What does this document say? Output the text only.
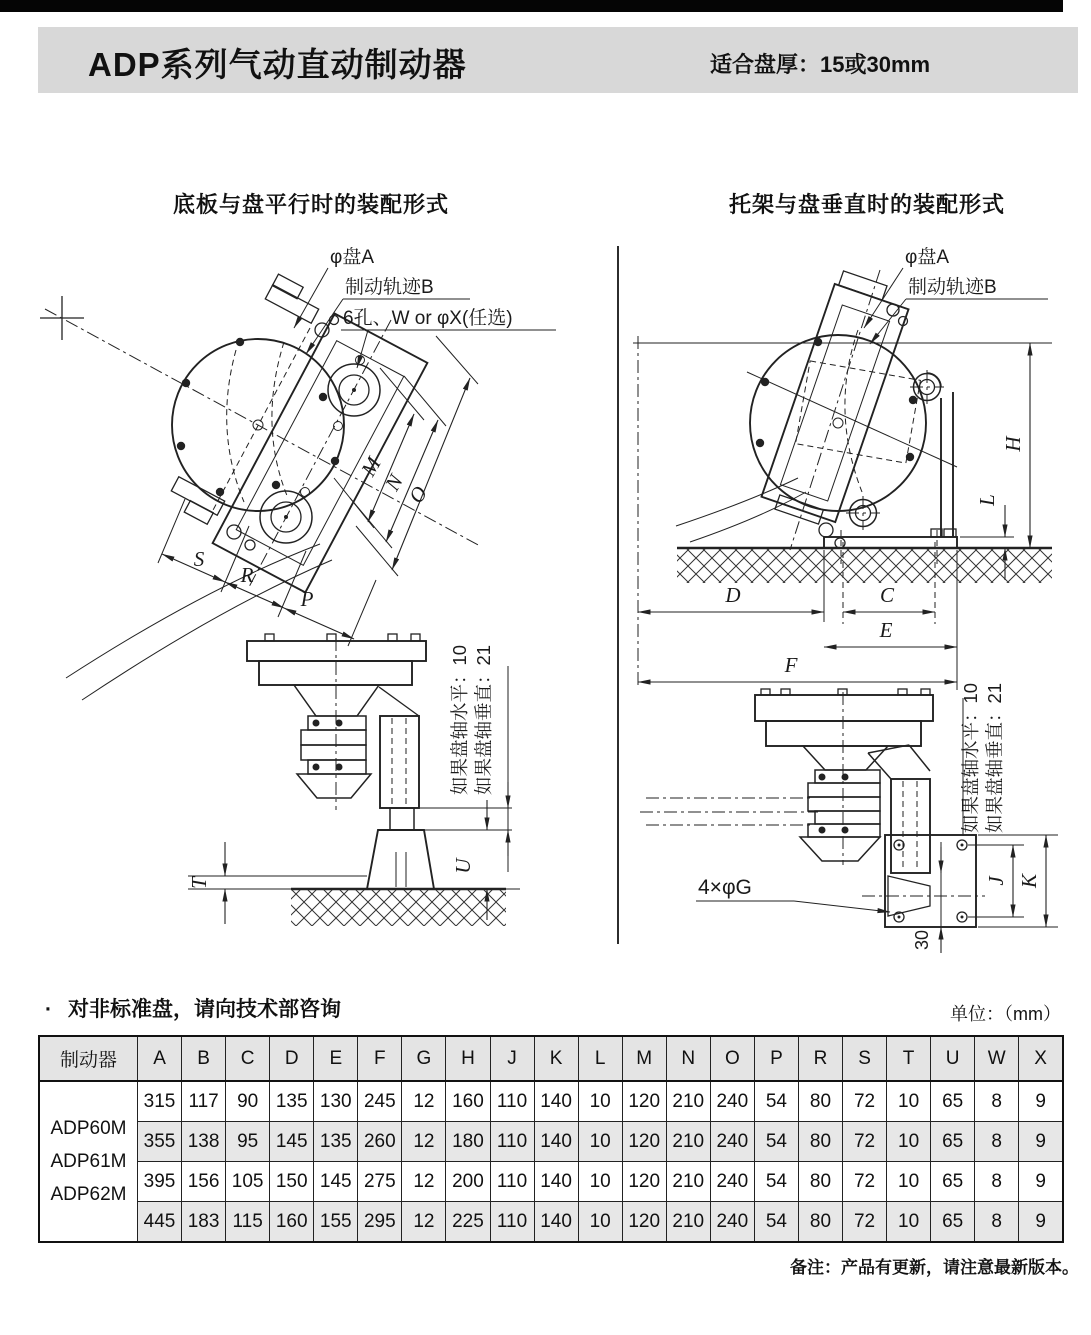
ADP系列气动直动制动器	适合盘厚：15或30mm
底板与盘平行时的装配形式	托架与盘垂直时的装配形式
φ盘A
制动轨迹B
6孔、W or φX(任选)
M
N
O
S
R
P
T
U
如果盘轴水平：10 如果盘轴垂直：21
φ盘A
制动轨迹B
H
L
D	C
E
F
J K
4×φG
30
如果盘轴水平：10 如果盘轴垂直：21
· 对非标准盘，请向技术部咨询	单位：（mm）
制动器	A	B	C	D	E	F	G	H	J	K	L	M	N	O	P	R	S	T	U	W	X

ADP60M
ADP61M
ADP62M	315	117	90	135	130	245	12	160	110	140	10	120	210	240	54	80	72	10	65	8	9
	355	138	95	145	135	260	12	180	110	140	10	120	210	240	54	80	72	10	65	8	9
	395	156	105	150	145	275	12	200	110	140	10	120	210	240	54	80	72	10	65	8	9
	445	183	115	160	155	295	12	225	110	140	10	120	210	240	54	80	72	10	65	8	9
备注：产品有更新，请注意最新版本。
